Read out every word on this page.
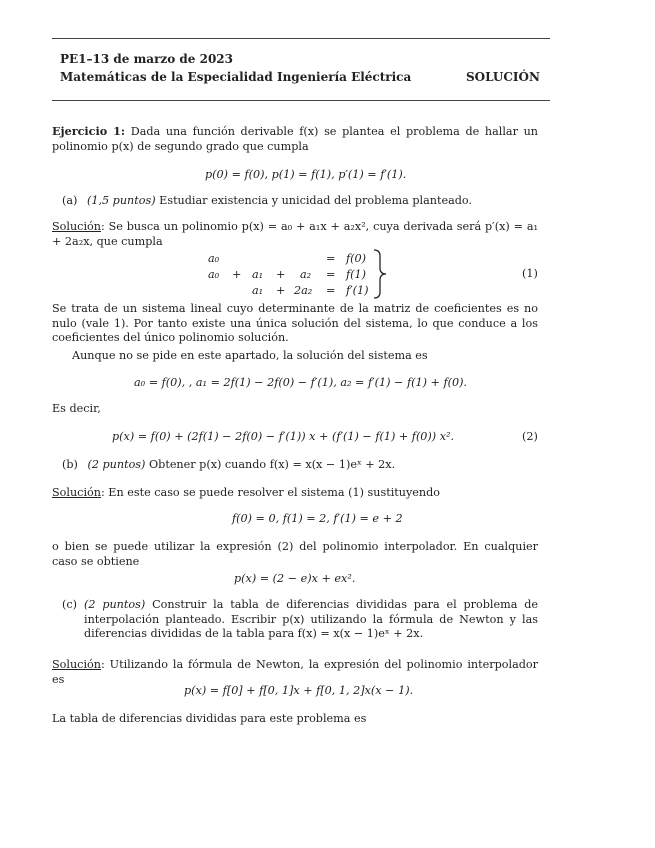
PE1–13 de marzo de 2023
Matemáticas de la Especialidad Ingeniería Eléctrica	SOLUCIÓN
Ejercicio 1: Dada una función derivable f(x) se plantea el problema de hallar un polinomio p(x) de segundo grado que cumpla
p(0) = f(0), p(1) = f(1), p′(1) = f′(1).
(a) (1,5 puntos) Estudiar existencia y unicidad del problema planteado.
Solución: Se busca un polinomio p(x) = a₀ + a₁x + a₂x², cuya derivada será p′(x) = a₁ + 2a₂x, que cumpla
a₀	= f(0)
a₀ + a₁ + a₂ = f(1)
a₁ + 2a₂ = f′(1)
(1)
Se trata de un sistema lineal cuyo determinante de la matriz de coeficientes es no nulo (vale 1). Por tanto existe una única solución del sistema, lo que conduce a los coeficientes del único polinomio solución.
Aunque no se pide en este apartado, la solución del sistema es
a₀ = f(0), , a₁ = 2f(1) − 2f(0) − f′(1), a₂ = f′(1) − f(1) + f(0).
Es decir,
p(x) = f(0) + (2f(1) − 2f(0) − f′(1)) x + (f′(1) − f(1) + f(0)) x².	(2)
(b) (2 puntos) Obtener p(x) cuando f(x) = x(x − 1)eˣ + 2x.
Solución: En este caso se puede resolver el sistema (1) sustituyendo
f(0) = 0, f(1) = 2, f′(1) = e + 2
o bien se puede utilizar la expresión (2) del polinomio interpolador. En cualquier caso se obtiene
p(x) = (2 − e)x + ex².
(c) (2 puntos) Construir la tabla de diferencias divididas para el problema de interpolación planteado. Escribir p(x) utilizando la fórmula de Newton y las diferencias divididas de la tabla para f(x) = x(x − 1)eˣ + 2x.
Solución: Utilizando la fórmula de Newton, la expresión del polinomio interpolador es
p(x) = f[0] + f[0, 1]x + f[0, 1, 2]x(x − 1).
La tabla de diferencias divididas para este problema es
